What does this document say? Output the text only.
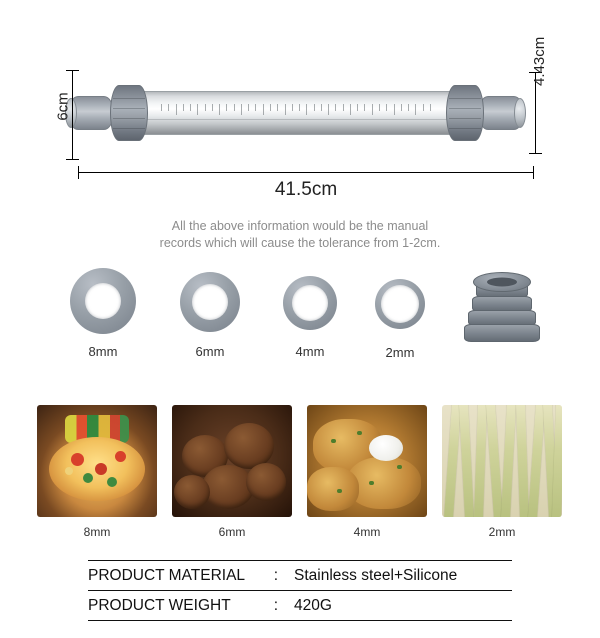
6cm
4.43cm
41.5cm
All the above information would be the manual
records which will cause the tolerance from 1-2cm.
8mm	6mm	4mm	2mm
8mm	6mm	4mm	2mm
PRODUCT MATERIAL :	Stainless steel+Silicone
PRODUCT WEIGHT	:	420G
